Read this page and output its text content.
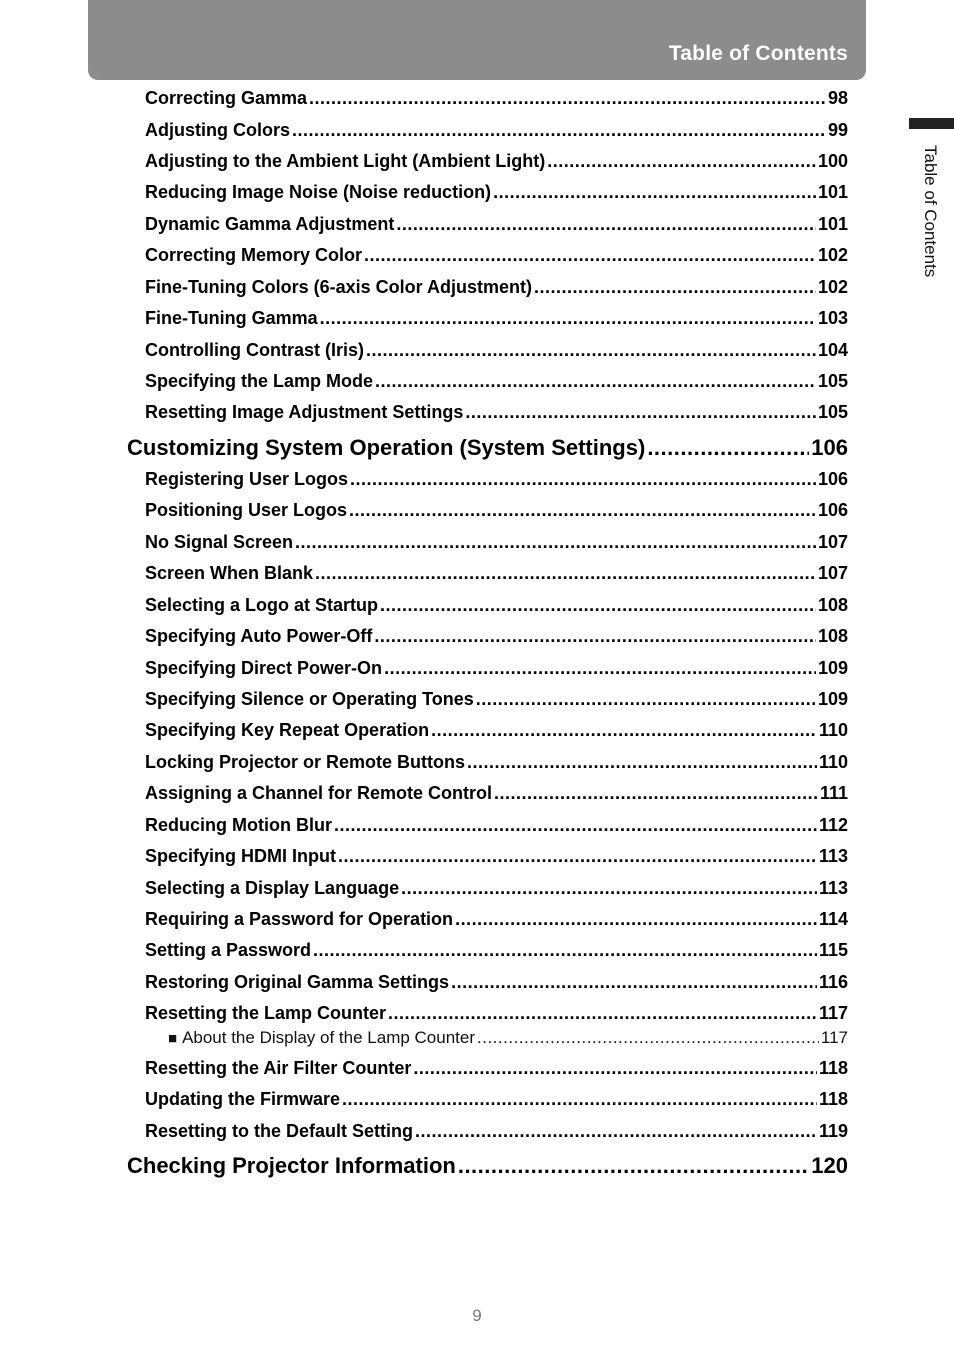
Table of Contents
Table of Contents
Correcting Gamma .....	98
Adjusting Colors .....	99
Adjusting to the Ambient Light (Ambient Light) .....	100
Reducing Image Noise (Noise reduction) .....	101
Dynamic Gamma Adjustment .....	101
Correcting Memory Color .....	102
Fine-Tuning Colors (6-axis Color Adjustment) .....	102
Fine-Tuning Gamma .....	103
Controlling Contrast (Iris) .....	104
Specifying the Lamp Mode .....	105
Resetting Image Adjustment Settings .....	105
Customizing System Operation (System Settings) .....	106
Registering User Logos .....	106
Positioning User Logos .....	106
No Signal Screen .....	107
Screen When Blank .....	107
Selecting a Logo at Startup .....	108
Specifying Auto Power-Off .....	108
Specifying Direct Power-On .....	109
Specifying Silence or Operating Tones .....	109
Specifying Key Repeat Operation .....	110
Locking Projector or Remote Buttons .....	110
Assigning a Channel for Remote Control .....	111
Reducing Motion Blur .....	112
Specifying HDMI Input .....	113
Selecting a Display Language .....	113
Requiring a Password for Operation .....	114
Setting a Password .....	115
Restoring Original Gamma Settings .....	116
Resetting the Lamp Counter .....	117
■ About the Display of the Lamp Counter .....	117
Resetting the Air Filter Counter .....	118
Updating the Firmware .....	118
Resetting to the Default Setting .....	119
Checking Projector Information .....	120
9
